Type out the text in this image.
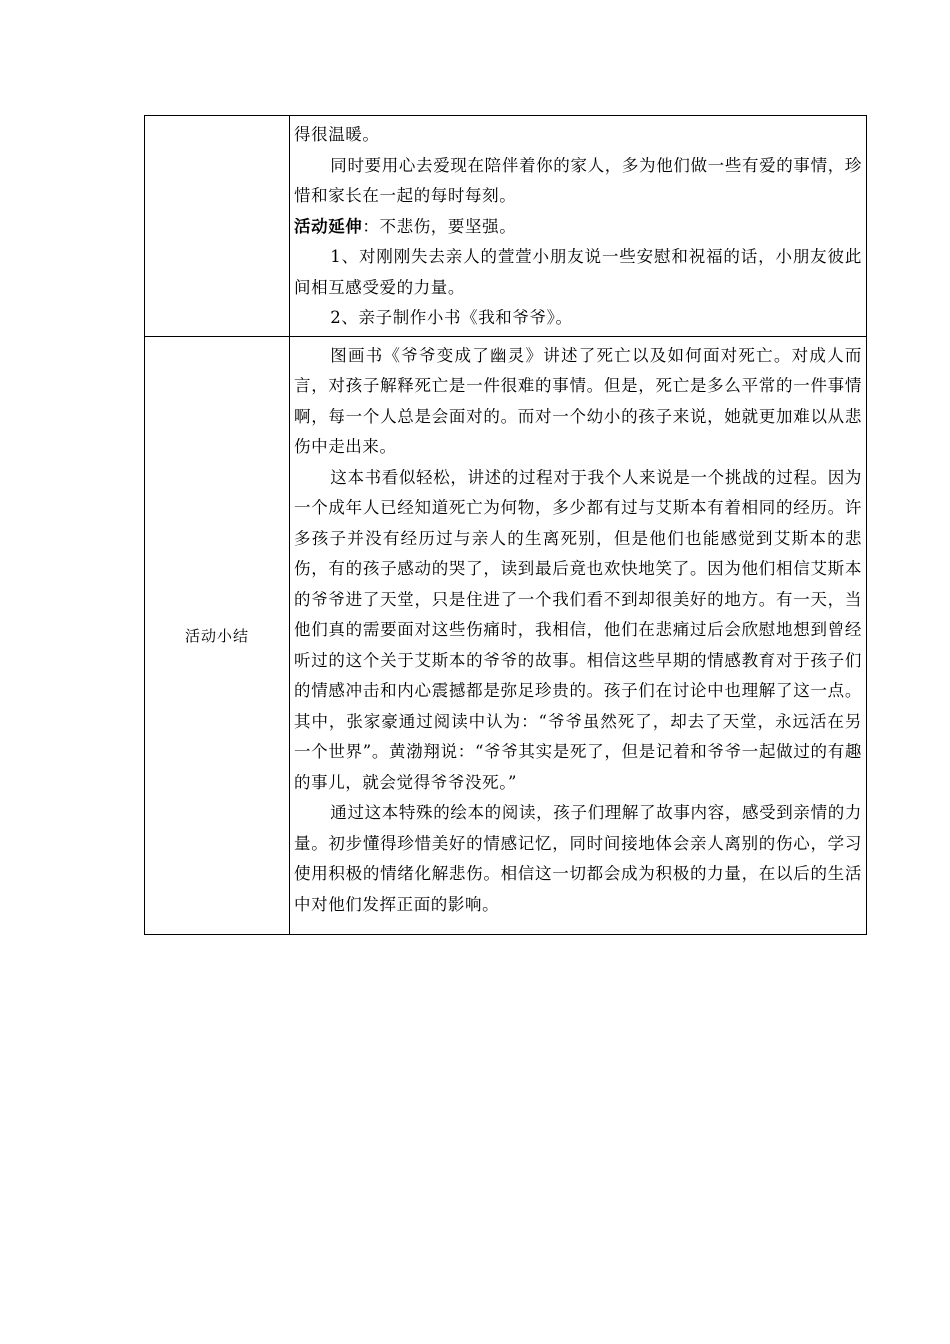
	得很温暖。

同时要用心去爱现在陪伴着你的家人，多为他们做一些有爱的事情，珍惜和家长在一起的每时每刻。

活动延伸：不悲伤，要坚强。

1、对刚刚失去亲人的萱萱小朋友说一些安慰和祝福的话，小朋友彼此间相互感受爱的力量。

2、亲子制作小书《我和爷爷》。

活动小结	图画书《爷爷变成了幽灵》讲述了死亡以及如何面对死亡。对成人而言，对孩子解释死亡是一件很难的事情。但是，死亡是多么平常的一件事情啊，每一个人总是会面对的。而对一个幼小的孩子来说，她就更加难以从悲伤中走出来。

这本书看似轻松，讲述的过程对于我个人来说是一个挑战的过程。因为一个成年人已经知道死亡为何物，多少都有过与艾斯本有着相同的经历。许多孩子并没有经历过与亲人的生离死别，但是他们也能感觉到艾斯本的悲伤，有的孩子感动的哭了，读到最后竟也欢快地笑了。因为他们相信艾斯本的爷爷进了天堂，只是住进了一个我们看不到却很美好的地方。有一天，当他们真的需要面对这些伤痛时，我相信，他们在悲痛过后会欣慰地想到曾经听过的这个关于艾斯本的爷爷的故事。相信这些早期的情感教育对于孩子们的情感冲击和内心震撼都是弥足珍贵的。孩子们在讨论中也理解了这一点。其中，张家豪通过阅读中认为：“爷爷虽然死了，却去了天堂，永远活在另一个世界”。黄渤翔说：“爷爷其实是死了，但是记着和爷爷一起做过的有趣的事儿，就会觉得爷爷没死。”

通过这本特殊的绘本的阅读，孩子们理解了故事内容，感受到亲情的力量。初步懂得珍惜美好的情感记忆，同时间接地体会亲人离别的伤心，学习使用积极的情绪化解悲伤。相信这一切都会成为积极的力量，在以后的生活中对他们发挥正面的影响。
